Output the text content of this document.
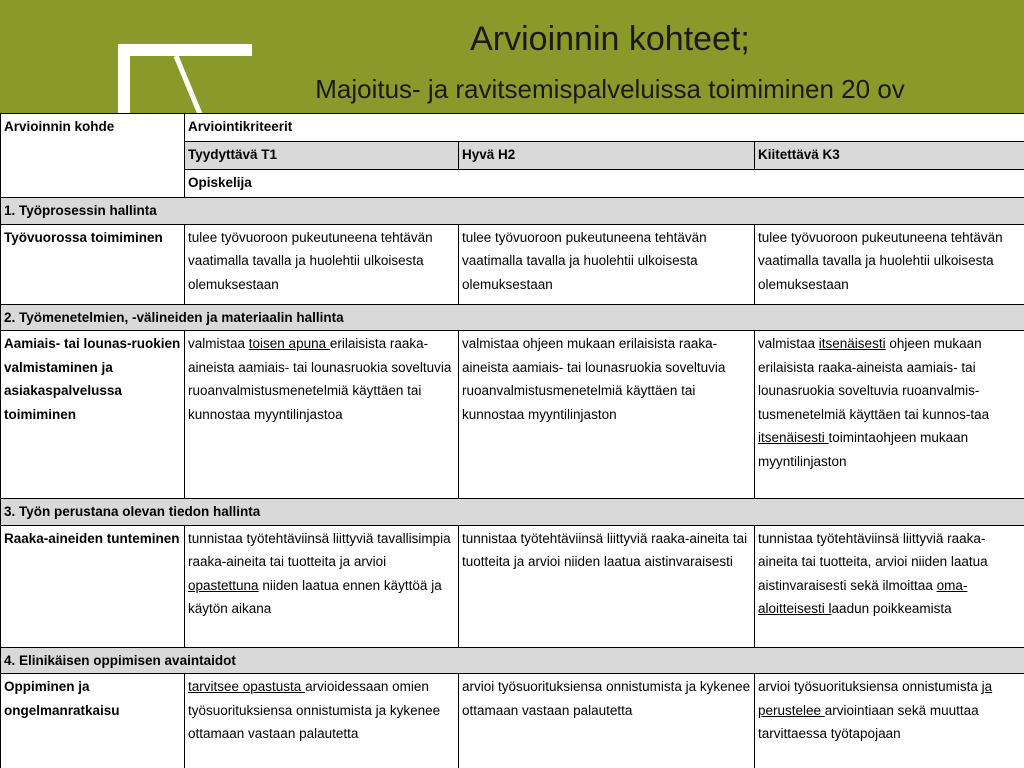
Arvioinnin kohteet;
Majoitus- ja ravitsemispalveluissa toimiminen 20 ov
Arvioinnin kohde	Arviointikriteerit		
	Tyydyttävä T1	Hyvä H2	Kiitettävä K3
	Opiskelija		
1. Työprosessin hallinta			
Työvuorossa toimiminen	tulee työvuoroon pukeutuneena tehtävän vaatimalla tavalla ja huolehtii ulkoisesta olemuksestaan	tulee työvuoroon pukeutuneena tehtävän vaatimalla tavalla ja huolehtii ulkoisesta olemuksestaan	tulee työvuoroon pukeutuneena tehtävän vaatimalla tavalla ja huolehtii ulkoisesta olemuksestaan
2. Työmenetelmien, -välineiden ja materiaalin hallinta			
Aamiais- tai lounas-ruokien valmistaminen ja asiakaspalvelussa toimiminen	valmistaa toisen apuna erilaisista raaka-aineista aamiais- tai lounasruokia soveltuvia ruoanvalmistusmenetelmiä käyttäen tai kunnostaa myyntilinjastoa	valmistaa ohjeen mukaan erilaisista raaka-aineista aamiais- tai lounasruokia soveltuvia ruoanvalmistusmenetelmiä käyttäen tai kunnostaa myyntilinjaston	valmistaa itsenäisesti ohjeen mukaan erilaisista raaka-aineista aamiais- tai lounasruokia soveltuvia ruoanvalmis-tusmenetelmiä käyttäen tai kunnos-taa itsenäisesti toimintaohjeen mukaan myyntilinjaston
3. Työn perustana olevan tiedon hallinta			
Raaka-aineiden tunteminen	tunnistaa työtehtäviinsä liittyviä tavallisimpia raaka-aineita tai tuotteita ja arvioi opastettuna niiden laatua ennen käyttöä ja käytön aikana	tunnistaa työtehtäviinsä liittyviä raaka-aineita tai tuotteita ja arvioi niiden laatua aistinvaraisesti	tunnistaa työtehtäviinsä liittyviä raaka-aineita tai tuotteita, arvioi niiden laatua aistinvaraisesti sekä ilmoittaa oma-aloitteisesti laadun poikkeamista
4. Elinikäisen oppimisen avaintaidot			
Oppiminen ja ongelmanratkaisu	tarvitsee opastusta arvioidessaan omien työsuorituksiensa onnistumista ja kykenee ottamaan vastaan palautetta	arvioi työsuorituksiensa onnistumista ja kykenee ottamaan vastaan palautetta	arvioi työsuorituksiensa onnistumista ja perustelee arviointiaan sekä muuttaa tarvittaessa työtapojaan
